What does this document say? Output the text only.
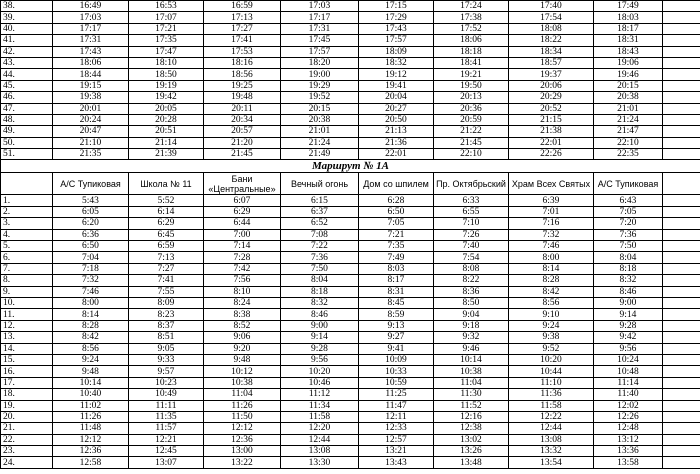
38.	16:49	16:53	16:59	17:03	17:15	17:24	17:40	17:49	
39.	17:03	17:07	17:13	17:17	17:29	17:38	17:54	18:03	
40.	17:17	17:21	17:27	17:31	17:43	17:52	18:08	18:17	
41.	17:31	17:35	17:41	17:45	17:57	18:06	18:22	18:31	
42.	17:43	17:47	17:53	17:57	18:09	18:18	18:34	18:43	
43.	18:06	18:10	18:16	18:20	18:32	18:41	18:57	19:06	
44.	18:44	18:50	18:56	19:00	19:12	19:21	19:37	19:46	
45.	19:15	19:19	19:25	19:29	19:41	19:50	20:06	20:15	
46.	19:38	19:42	19:48	19:52	20:04	20:13	20:29	20:38	
47.	20:01	20:05	20:11	20:15	20:27	20:36	20:52	21:01	
48.	20:24	20:28	20:34	20:38	20:50	20:59	21:15	21:24	
49.	20:47	20:51	20:57	21:01	21:13	21:22	21:38	21:47	
50.	21:10	21:14	21:20	21:24	21:36	21:45	22:01	22:10	
51.	21:35	21:39	21:45	21:49	22:01	22:10	22:26	22:35	
Маршрут № 1А									
	А/С Тупиковая	Школа № 11	Бани «Центральные»	Вечный огонь	Дом со шпилем	Пр. Октябрьский	Храм Всех Святых	А/С Тупиковая	
1.	5:43	5:52	6:07	6:15	6:28	6:33	6:39	6:43	
2.	6:05	6:14	6:29	6:37	6:50	6:55	7:01	7:05	
3.	6:20	6:29	6:44	6:52	7:05	7:10	7:16	7:20	
4.	6:36	6:45	7:00	7:08	7:21	7:26	7:32	7:36	
5.	6:50	6:59	7:14	7:22	7:35	7:40	7:46	7:50	
6.	7:04	7:13	7:28	7:36	7:49	7:54	8:00	8:04	
7.	7:18	7:27	7:42	7:50	8:03	8:08	8:14	8:18	
8.	7:32	7:41	7:56	8:04	8:17	8:22	8:28	8:32	
9.	7:46	7:55	8:10	8:18	8:31	8:36	8:42	8:46	
10.	8:00	8:09	8:24	8:32	8:45	8:50	8:56	9:00	
11.	8:14	8:23	8:38	8:46	8:59	9:04	9:10	9:14	
12.	8:28	8:37	8:52	9:00	9:13	9:18	9:24	9:28	
13.	8:42	8:51	9:06	9:14	9:27	9:32	9:38	9:42	
14.	8:56	9:05	9:20	9:28	9:41	9:46	9:52	9:56	
15.	9:24	9:33	9:48	9:56	10:09	10:14	10:20	10:24	
16.	9:48	9:57	10:12	10:20	10:33	10:38	10:44	10:48	
17.	10:14	10:23	10:38	10:46	10:59	11:04	11:10	11:14	
18.	10:40	10:49	11:04	11:12	11:25	11:30	11:36	11:40	
19.	11:02	11:11	11:26	11:34	11:47	11:52	11:58	12:02	
20.	11:26	11:35	11:50	11:58	12:11	12:16	12:22	12:26	
21.	11:48	11:57	12:12	12:20	12:33	12:38	12:44	12:48	
22.	12:12	12:21	12:36	12:44	12:57	13:02	13:08	13:12	
23.	12:36	12:45	13:00	13:08	13:21	13:26	13:32	13:36	
24.	12:58	13:07	13:22	13:30	13:43	13:48	13:54	13:58	
